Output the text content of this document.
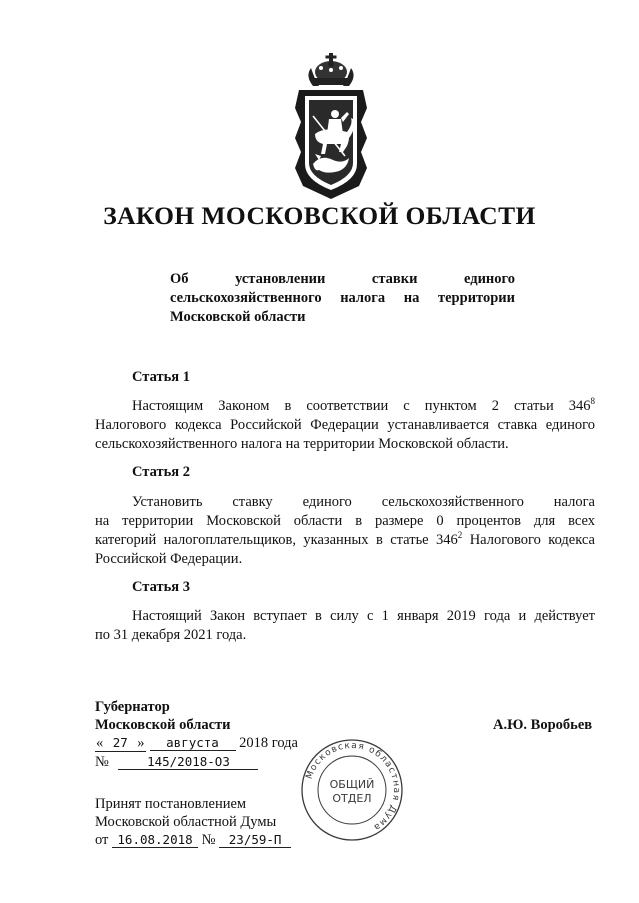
ЗАКОН МОСКОВСКОЙ ОБЛАСТИ
Об установлении ставки единого
сельскохозяйственного налога на территории
Московской области

Статья 1

Настоящим Законом в соответствии с пунктом 2 статьи $346^8$
Налогового кодекса Российской Федерации устанавливается ставка единого
сельскохозяйственного налога на территории Московской области.

Статья 2

Установить ставку единого сельскохозяйственного налога
на территории Московской области в размере 0 процентов для всех
категорий налогоплательщиков, указанных в статье $346^2$ Налогового кодекса
Российской Федерации.

Статья 3

Настоящий Закон вступает в силу с 1 января 2019 года и действует
по 31 декабря 2021 года.

Губернатор
Московской области	А.Ю. Воробьев

« 27 » августа 2018 года

№	145/2018-ОЗ

Принят постановлением
Московской областной Думы
от 16.08.2018 № 23/59-П

Московская областная Дума
ОБЩИЙ
ОТДЕЛ
